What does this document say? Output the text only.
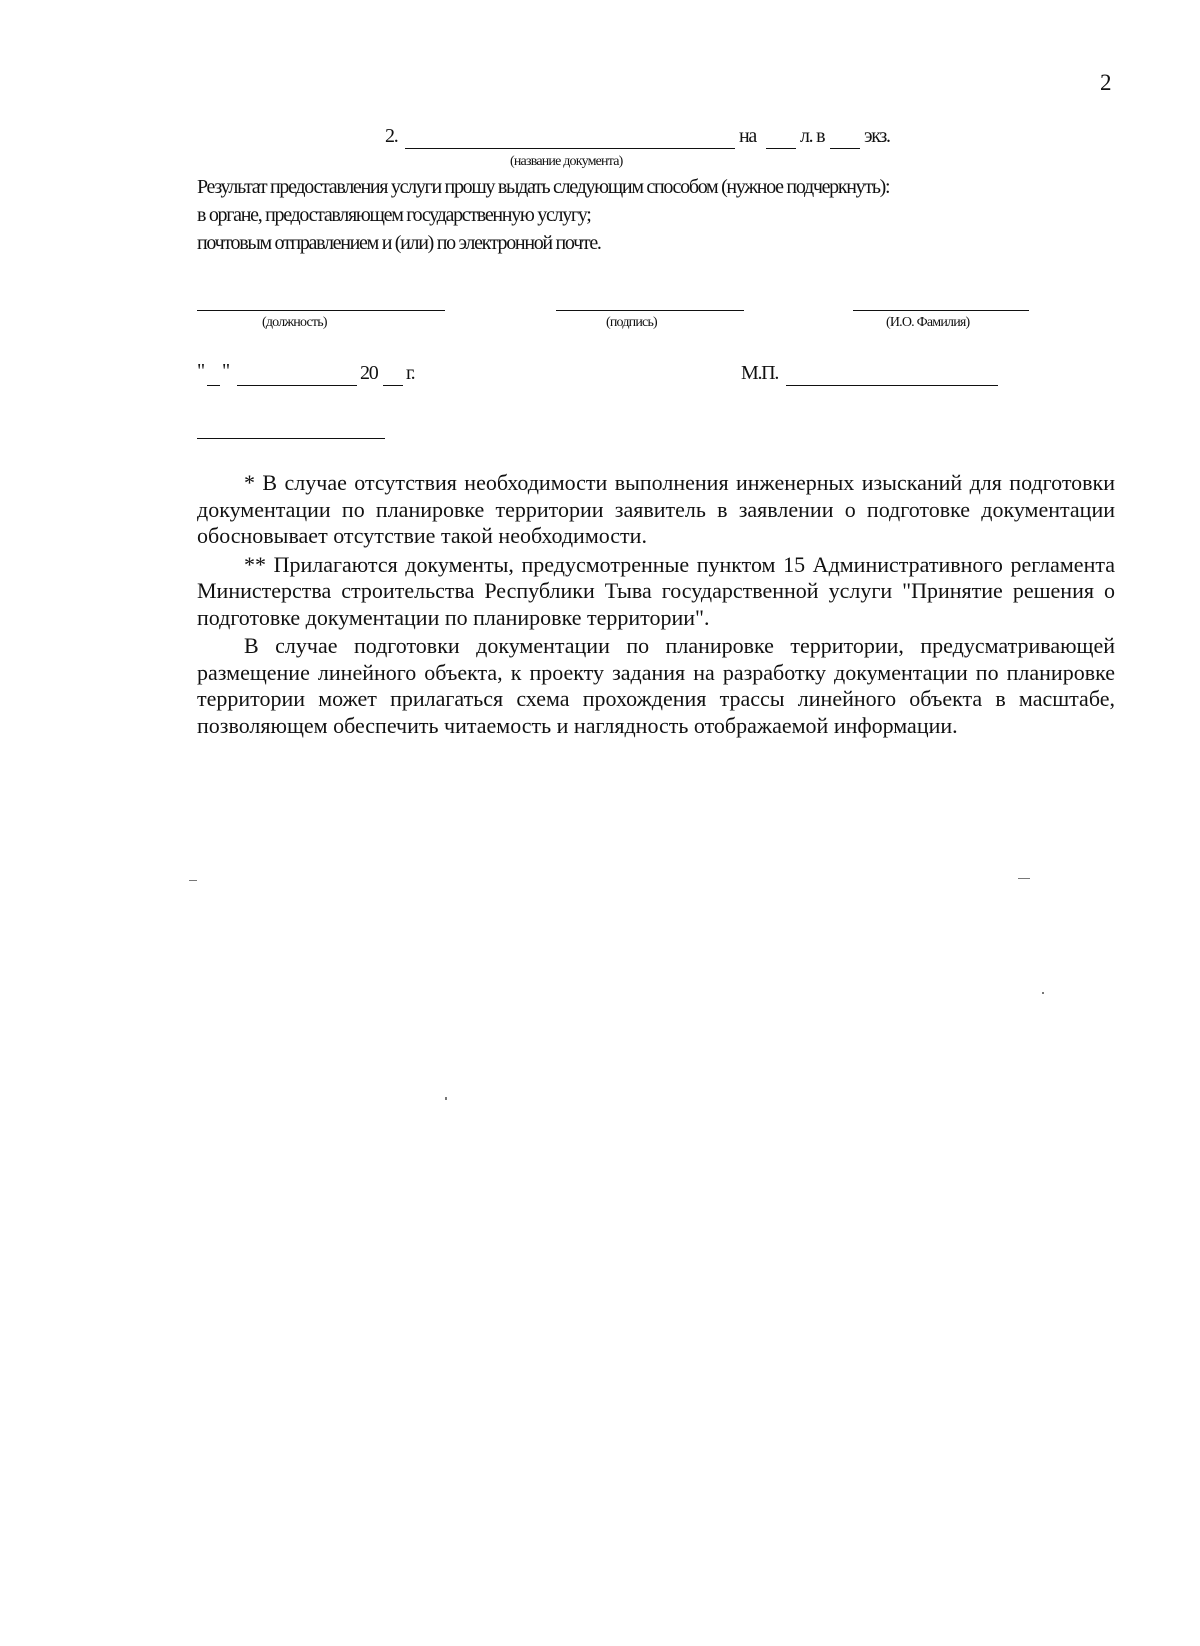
2
2.	на л. в экз.
(название документа)
Результат предоставления услуги прошу выдать следующим способом (нужное подчеркнуть):
в органе, предоставляющем государственную услугу;
почтовым отправлением и (или) по электронной почте.
(должность)	(подпись)	(И.О. Фамилия)
" "	20 г.	М.П.

* В случае отсутствия необходимости выполнения инженерных изысканий для подготовки документации по планировке территории заявитель в заявлении о подготовке документации обосновывает отсутствие такой необходимости.

** Прилагаются документы, предусмотренные пунктом 15 Административного регламента Министерства строительства Республики Тыва государственной услуги "Принятие решения о подготовке документации по планировке территории".

В случае подготовки документации по планировке территории, предусматривающей размещение линейного объекта, к проекту задания на разработку документации по планировке территории может прилагаться схема прохождения трассы линейного объекта в масштабе, позволяющем обеспечить читаемость и наглядность отображаемой информации.
